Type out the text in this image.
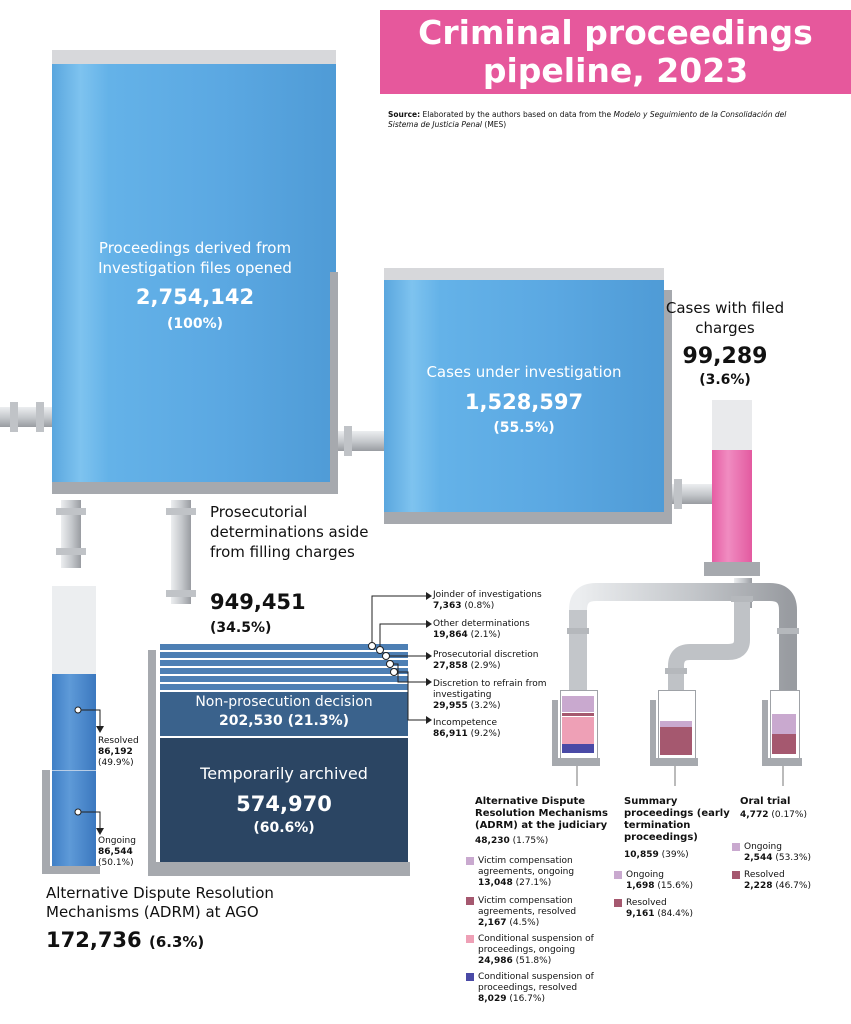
Criminal proceedings
pipeline, 2023
Source: Elaborated by the authors based on data from the Modelo y Seguimiento de la Consolidación del Sistema de Justicia Penal (MES)
Proceedings derived from Investigation files opened
2,754,142
(100%)
Cases under investigation
1,528,597
(55.5%)
Cases with filed charges
99,289
(3.6%)
Prosecutorial determinations aside from filling charges
949,451
(34.5%)
Non-prosecution decision
202,530 (21.3%)
Temporarily archived
574,970
(60.6%)
Joinder of investigations
7,363 (0.8%)
Other determinations
19,864 (2.1%)
Prosecutorial discretion
27,858 (2.9%)
Discretion to refrain from investigating
29,955 (3.2%)
Incompetence
86,911 (9.2%)
Resolved
86,192
(49.9%)
Ongoing
86,544
(50.1%)
Alternative Dispute Resolution Mechanisms (ADRM) at AGO
172,736 (6.3%)
Alternative Dispute Resolution Mechanisms (ADRM) at the judiciary
48,230 (1.75%)
Victim compensation agreements, ongoing
13,048 (27.1%)
Victim compensation agreements, resolved
2,167 (4.5%)
Conditional suspension of proceedings, ongoing
24,986 (51.8%)
Conditional suspension of proceedings, resolved
8,029 (16.7%)
Summary proceedings (early termination proceedings)
10,859 (39%)
Ongoing
1,698 (15.6%)
Resolved
9,161 (84.4%)
Oral trial
4,772 (0.17%)
Ongoing
2,544 (53.3%)
Resolved
2,228 (46.7%)
